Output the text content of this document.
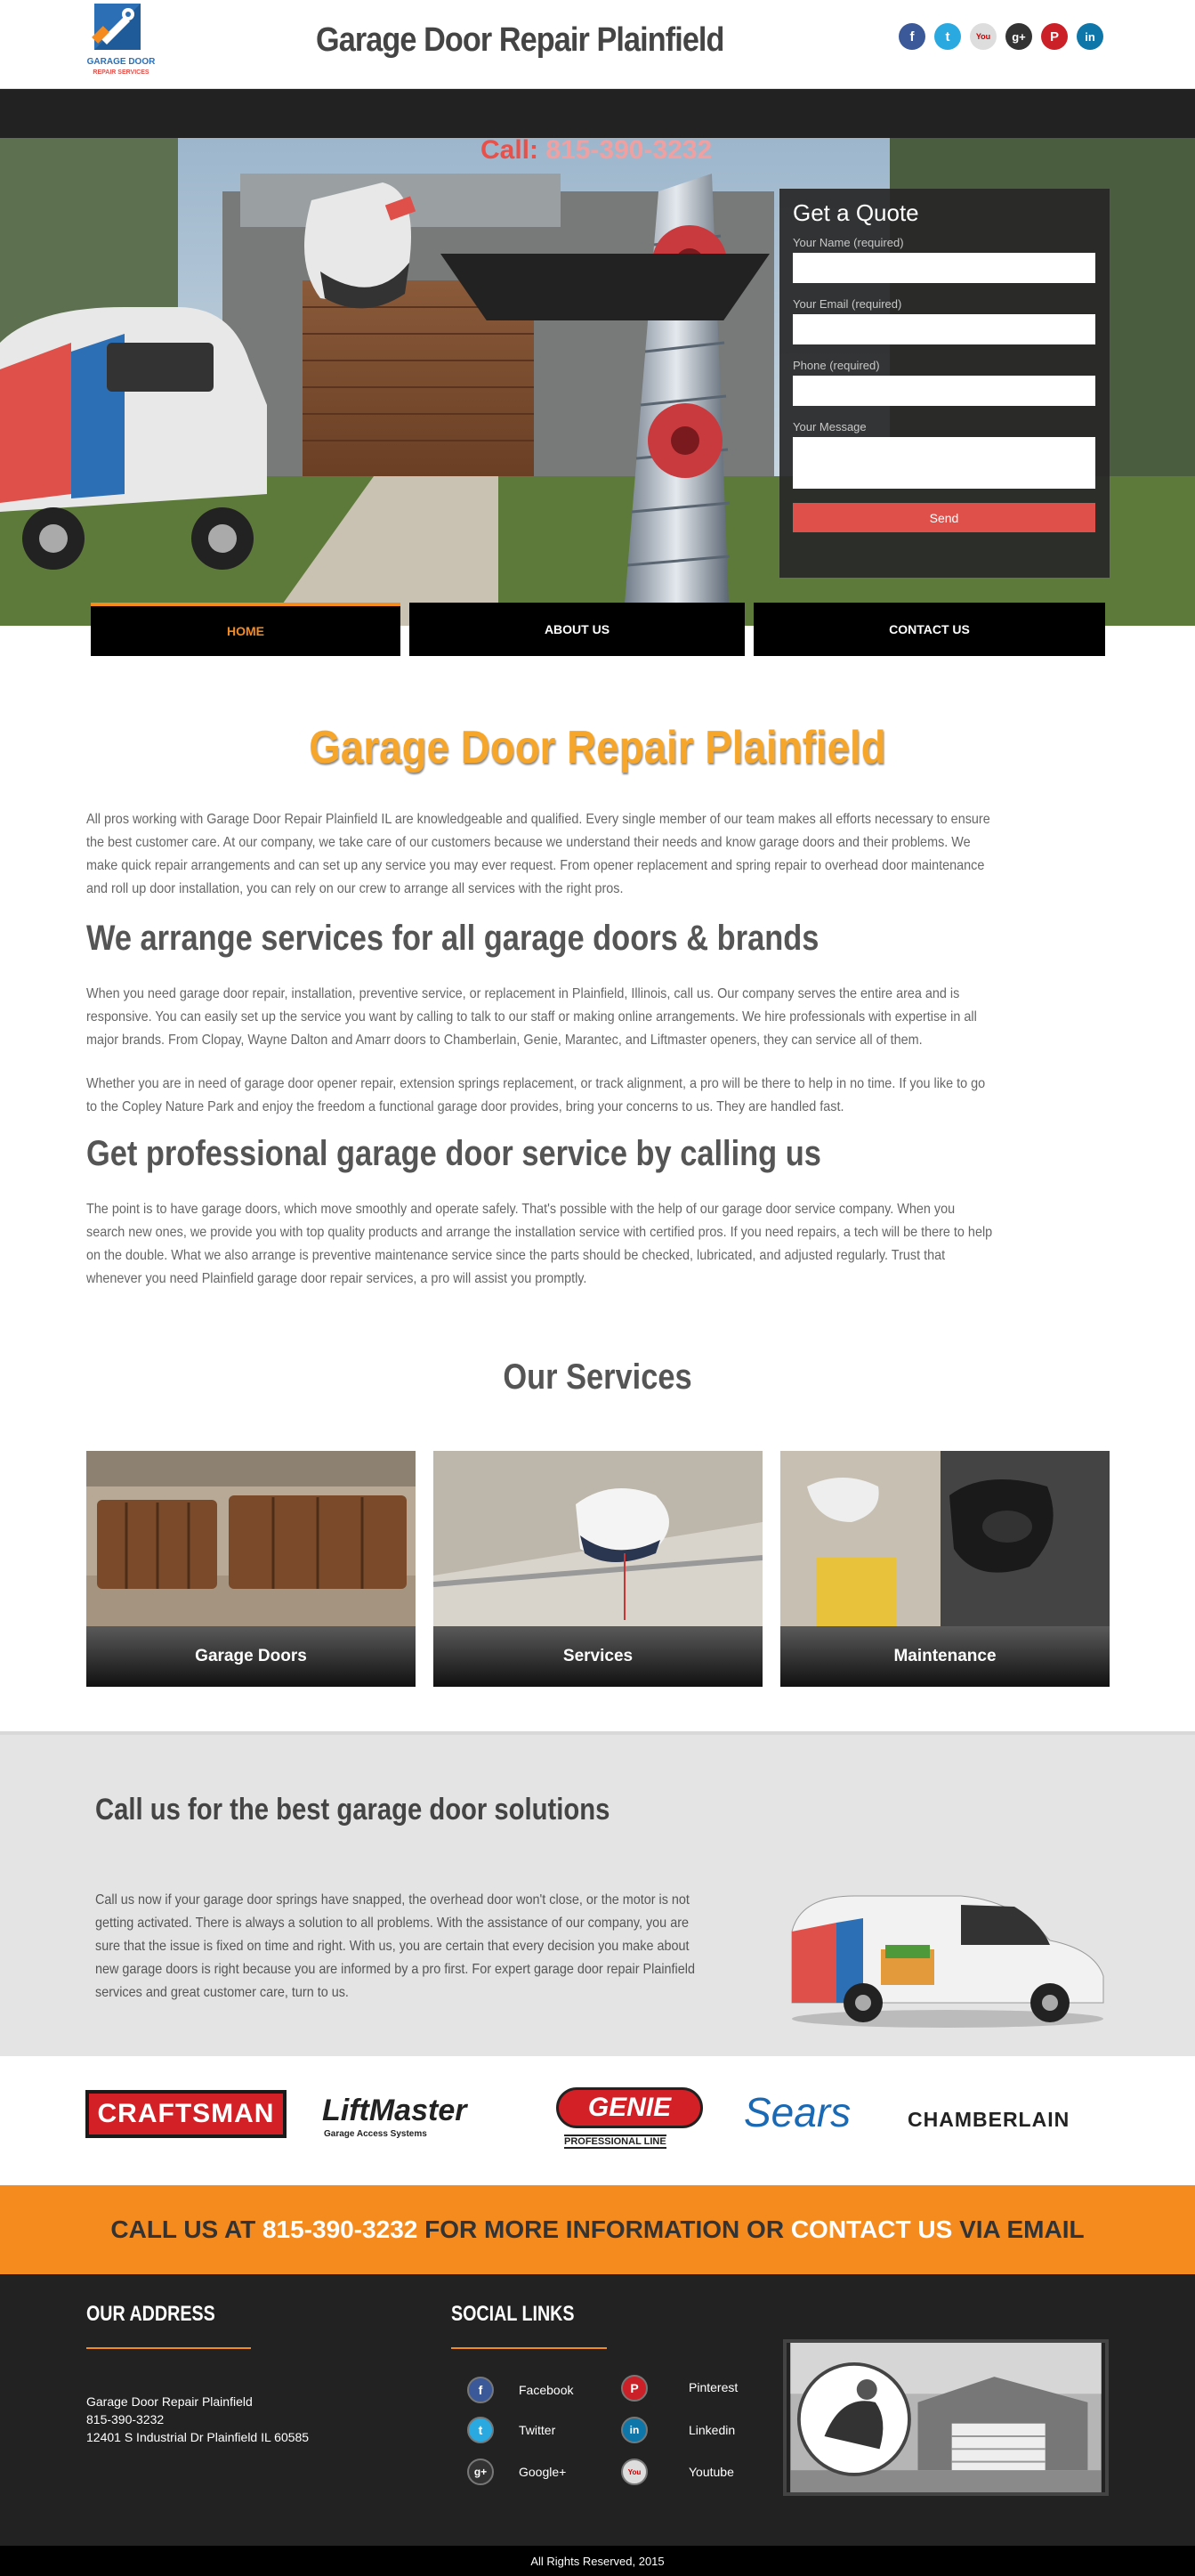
GARAGE DOOR
REPAIR SERVICES
Garage Door Repair Plainfield	f	t	You	g+	P	in
Call: 815-390-3232
Get a Quote
Your Name (required)
Your Email (required)
Phone (required)
Your Message
Send
HOME	ABOUT US	CONTACT US
Garage Door Repair Plainfield
All pros working with Garage Door Repair Plainfield IL are knowledgeable and qualified. Every single member of our team makes all efforts necessary to ensure the best customer care. At our company, we take care of our customers because we understand their needs and know garage doors and their problems. We make quick repair arrangements and can set up any service you may ever request. From opener replacement and spring repair to overhead door maintenance and roll up door installation, you can rely on our crew to arrange all services with the right pros.
We arrange services for all garage doors & brands
When you need garage door repair, installation, preventive service, or replacement in Plainfield, Illinois, call us. Our company serves the entire area and is responsive. You can easily set up the service you want by calling to talk to our staff or making online arrangements. We hire professionals with expertise in all major brands. From Clopay, Wayne Dalton and Amarr doors to Chamberlain, Genie, Marantec, and Liftmaster openers, they can service all of them.
Whether you are in need of garage door opener repair, extension springs replacement, or track alignment, a pro will be there to help in no time. If you like to go to the Copley Nature Park and enjoy the freedom a functional garage door provides, bring your concerns to us. They are handled fast.
Get professional garage door service by calling us
The point is to have garage doors, which move smoothly and operate safely. That's possible with the help of our garage door service company. When you search new ones, we provide you with top quality products and arrange the installation service with certified pros. If you need repairs, a tech will be there to help on the double. What we also arrange is preventive maintenance service since the parts should be checked, lubricated, and adjusted regularly. Trust that whenever you need Plainfield garage door repair services, a pro will assist you promptly.
Our Services
Garage Doors	Services	Maintenance
Call us for the best garage door solutions
Call us now if your garage door springs have snapped, the overhead door won't close, or the motor is not getting activated. There is always a solution to all problems. With the assistance of our company, you are sure that the issue is fixed on time and right. With us, you are certain that every decision you make about new garage doors is right because you are informed by a pro first. For expert garage door repair Plainfield services and great customer care, turn to us.
CRAFTSMAN	LiftMaster
Garage Access Systems
GENIE
PROFESSIONAL LINE
Sears	CHAMBERLAIN
CALL US AT
815-390-3232
FOR MORE INFORMATION OR
CONTACT US
VIA EMAIL
OUR ADDRESS
Garage Door Repair Plainfield
815-390-3232
12401 S Industrial Dr Plainfield IL 60585
SOCIAL LINKS
f	Facebook
t	Twitter
g+	Google+
P	Pinterest
in	Linkedin
You	Youtube
All Rights Reserved, 2015
